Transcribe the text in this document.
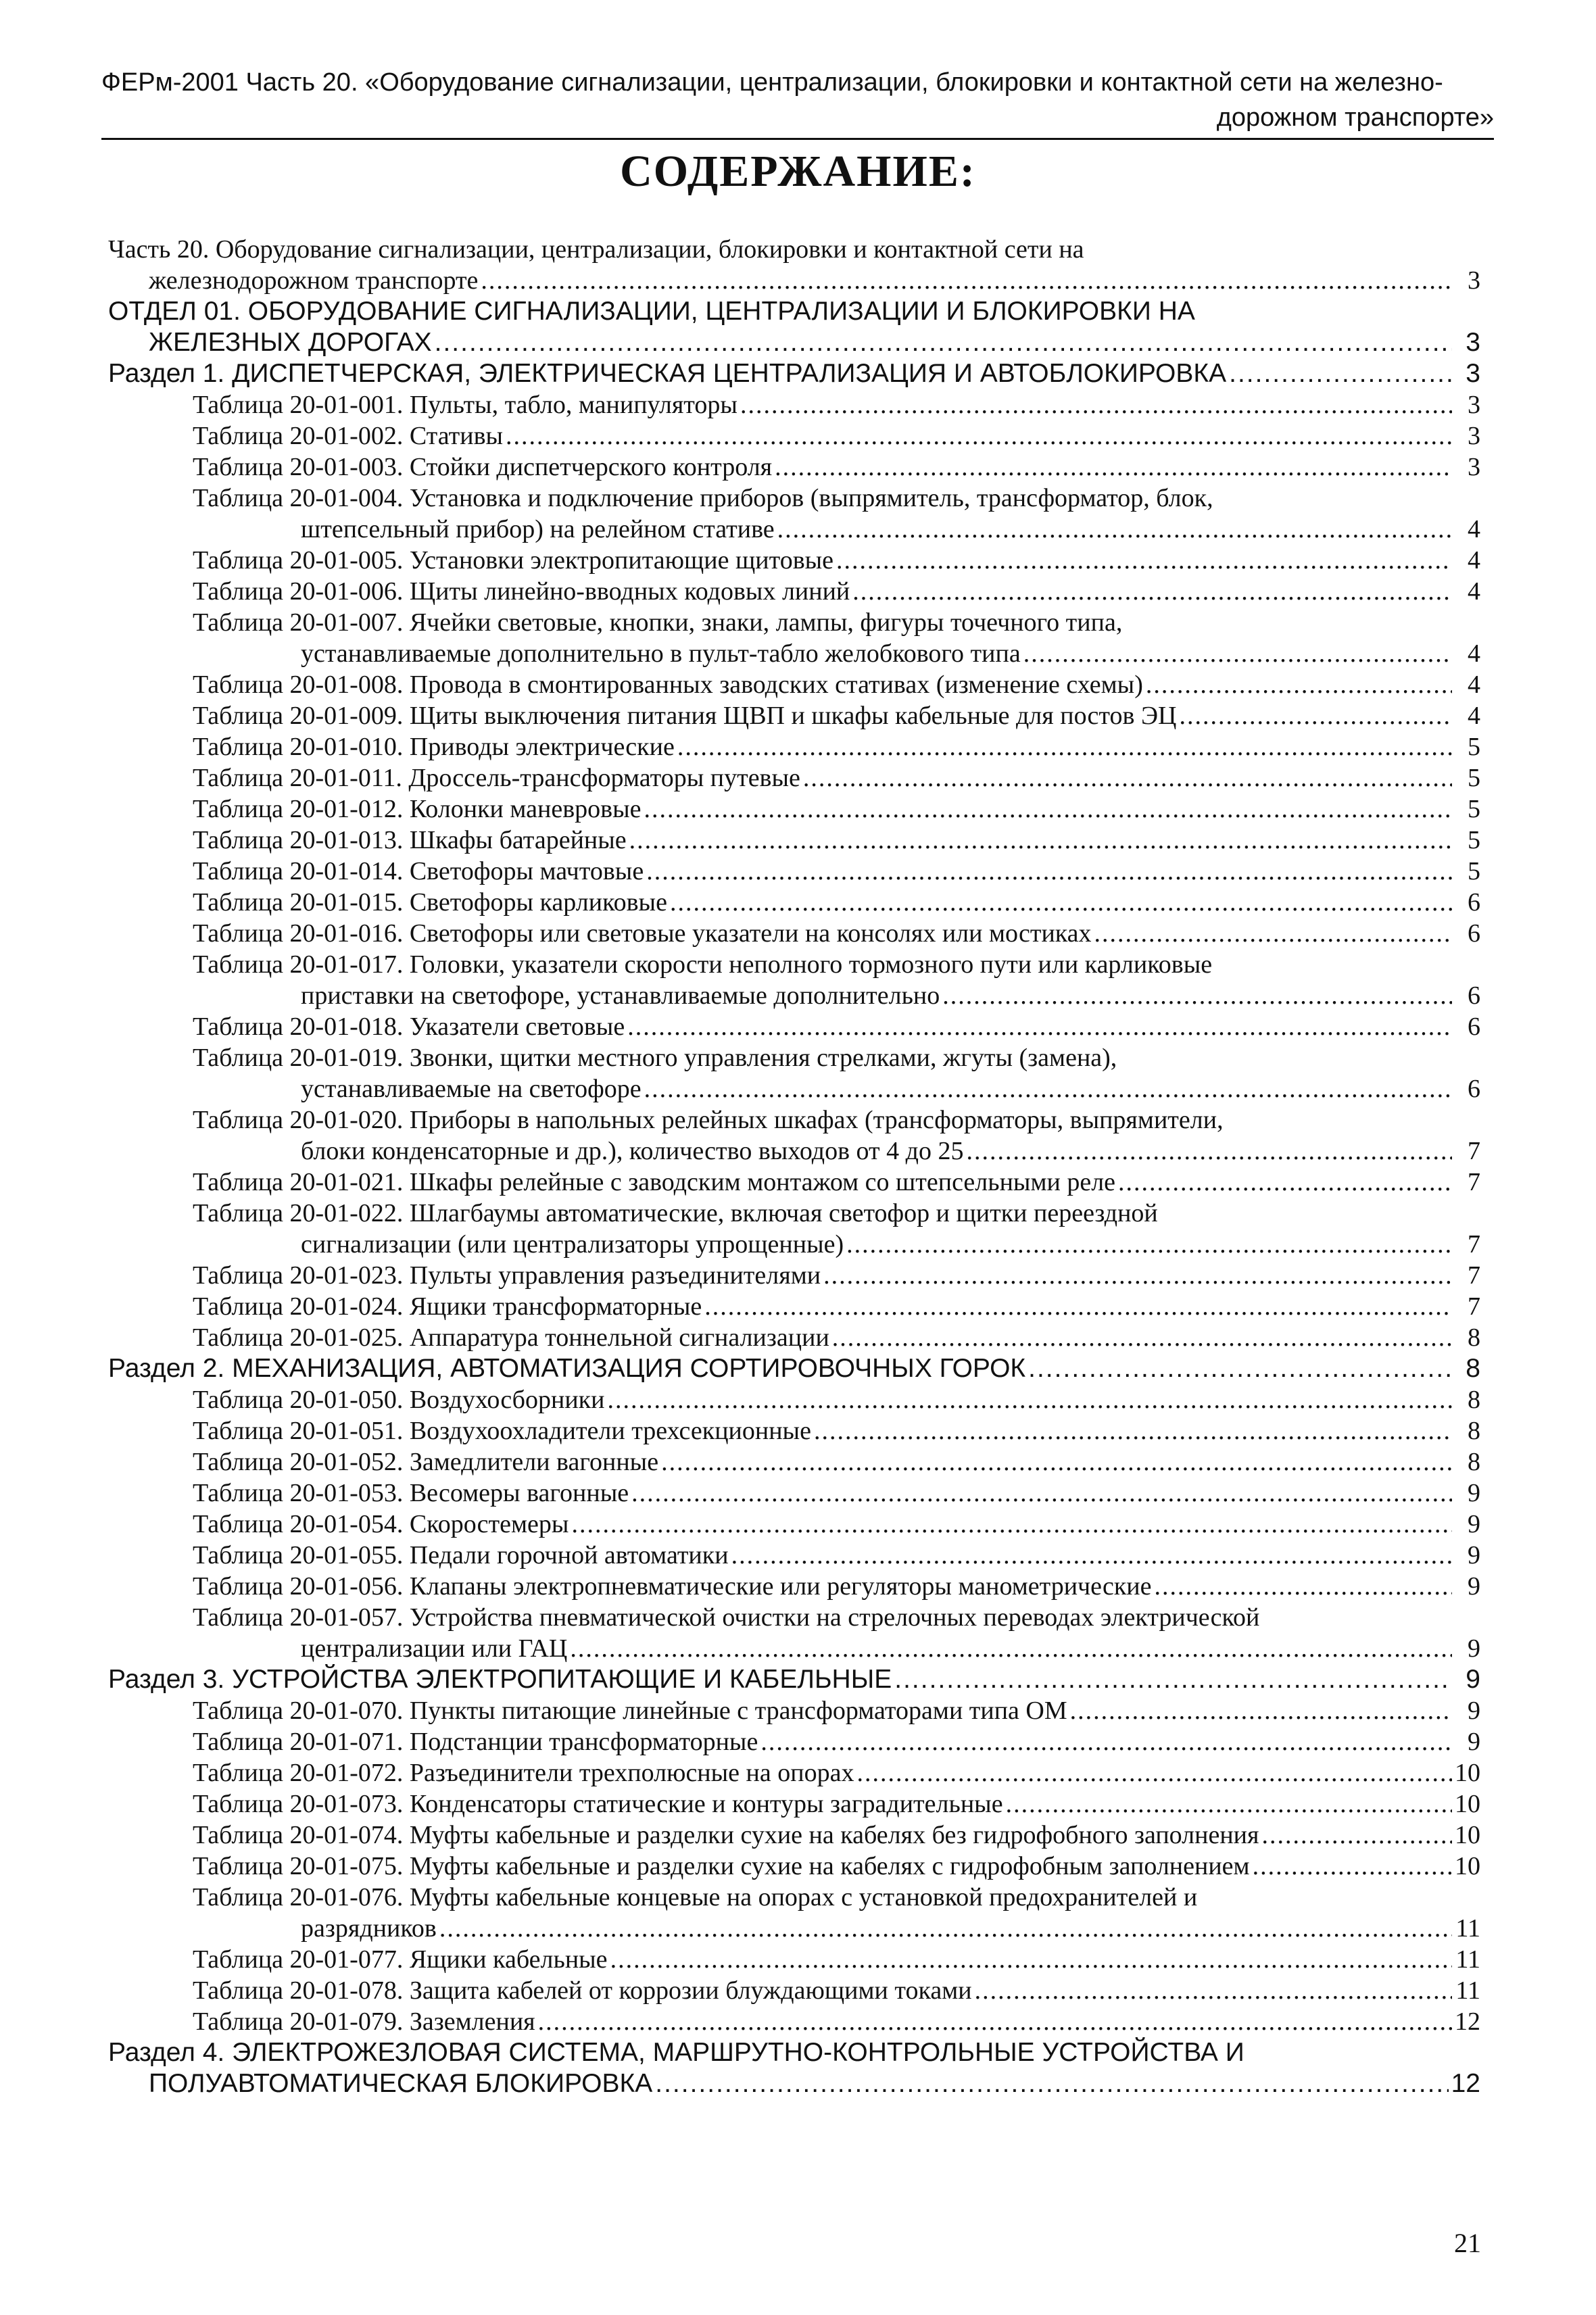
ФЕРм-2001 Часть 20. «Оборудование сигнализации, централизации, блокировки и контактной сети на железно-
дорожном транспорте»
СОДЕРЖАНИЕ:
Часть 20. Оборудование сигнализации, централизации, блокировки и контактной сети на
железнодорожном транспорте .....	3
ОТДЕЛ 01. ОБОРУДОВАНИЕ СИГНАЛИЗАЦИИ, ЦЕНТРАЛИЗАЦИИ И БЛОКИРОВКИ НА
ЖЕЛЕЗНЫХ ДОРОГАХ .....	3
Раздел 1. ДИСПЕТЧЕРСКАЯ, ЭЛЕКТРИЧЕСКАЯ ЦЕНТРАЛИЗАЦИЯ И АВТОБЛОКИРОВКА .....	3
Таблица 20-01-001. Пульты, табло, манипуляторы .....	3
Таблица 20-01-002. Стативы .....	3
Таблица 20-01-003. Стойки диспетчерского контроля .....	3
Таблица 20-01-004. Установка и подключение приборов (выпрямитель, трансформатор, блок,
штепсельный прибор) на релейном стативе .....	4
Таблица 20-01-005. Установки электропитающие щитовые .....	4
Таблица 20-01-006. Щиты линейно-вводных кодовых линий .....	4
Таблица 20-01-007. Ячейки световые, кнопки, знаки, лампы, фигуры точечного типа,
устанавливаемые дополнительно в пульт-табло желобкового типа .....	4
Таблица 20-01-008. Провода в смонтированных заводских стативах (изменение схемы) .....	4
Таблица 20-01-009. Щиты выключения питания ЩВП и шкафы кабельные для постов ЭЦ .....	4
Таблица 20-01-010. Приводы электрические .....	5
Таблица 20-01-011. Дроссель-трансформаторы путевые .....	5
Таблица 20-01-012. Колонки маневровые .....	5
Таблица 20-01-013. Шкафы батарейные .....	5
Таблица 20-01-014. Светофоры мачтовые .....	5
Таблица 20-01-015. Светофоры карликовые .....	6
Таблица 20-01-016. Светофоры или световые указатели на консолях или мостиках .....	6
Таблица 20-01-017. Головки, указатели скорости неполного тормозного пути или карликовые
приставки на светофоре, устанавливаемые дополнительно .....	6
Таблица 20-01-018. Указатели световые .....	6
Таблица 20-01-019. Звонки, щитки местного управления стрелками, жгуты (замена),
устанавливаемые на светофоре .....	6
Таблица 20-01-020. Приборы в напольных релейных шкафах (трансформаторы, выпрямители,
блоки конденсаторные и др.), количество выходов от 4 до 25 .....	7
Таблица 20-01-021. Шкафы релейные с заводским монтажом со штепсельными реле .....	7
Таблица 20-01-022. Шлагбаумы автоматические, включая светофор и щитки переездной
сигнализации (или централизаторы упрощенные) .....	7
Таблица 20-01-023. Пульты управления разъединителями .....	7
Таблица 20-01-024. Ящики трансформаторные .....	7
Таблица 20-01-025. Аппаратура тоннельной сигнализации .....	8
Раздел 2. МЕХАНИЗАЦИЯ, АВТОМАТИЗАЦИЯ СОРТИРОВОЧНЫХ ГОРОК .....	8
Таблица 20-01-050. Воздухосборники .....	8
Таблица 20-01-051. Воздухоохладители трехсекционные .....	8
Таблица 20-01-052. Замедлители вагонные .....	8
Таблица 20-01-053. Весомеры вагонные .....	9
Таблица 20-01-054. Скоростемеры .....	9
Таблица 20-01-055. Педали горочной автоматики .....	9
Таблица 20-01-056. Клапаны электропневматические или регуляторы манометрические .....	9
Таблица 20-01-057. Устройства пневматической очистки на стрелочных переводах электрической
централизации или ГАЦ .....	9
Раздел 3. УСТРОЙСТВА ЭЛЕКТРОПИТАЮЩИЕ И КАБЕЛЬНЫЕ .....	9
Таблица 20-01-070. Пункты питающие линейные с трансформаторами типа ОМ .....	9
Таблица 20-01-071. Подстанции трансформаторные .....	9
Таблица 20-01-072. Разъединители трехполюсные на опорах .....	10
Таблица 20-01-073. Конденсаторы статические и контуры заградительные .....	10
Таблица 20-01-074. Муфты кабельные и разделки сухие на кабелях без гидрофобного заполнения .....	10
Таблица 20-01-075. Муфты кабельные и разделки сухие на кабелях с гидрофобным заполнением .....	10
Таблица 20-01-076. Муфты кабельные концевые на опорах с установкой предохранителей и
разрядников .....	11
Таблица 20-01-077. Ящики кабельные .....	11
Таблица 20-01-078. Защита кабелей от коррозии блуждающими токами .....	11
Таблица 20-01-079. Заземления .....	12
Раздел 4. ЭЛЕКТРОЖЕЗЛОВАЯ СИСТЕМА, МАРШРУТНО-КОНТРОЛЬНЫЕ УСТРОЙСТВА И
ПОЛУАВТОМАТИЧЕСКАЯ БЛОКИРОВКА .....	12
21
